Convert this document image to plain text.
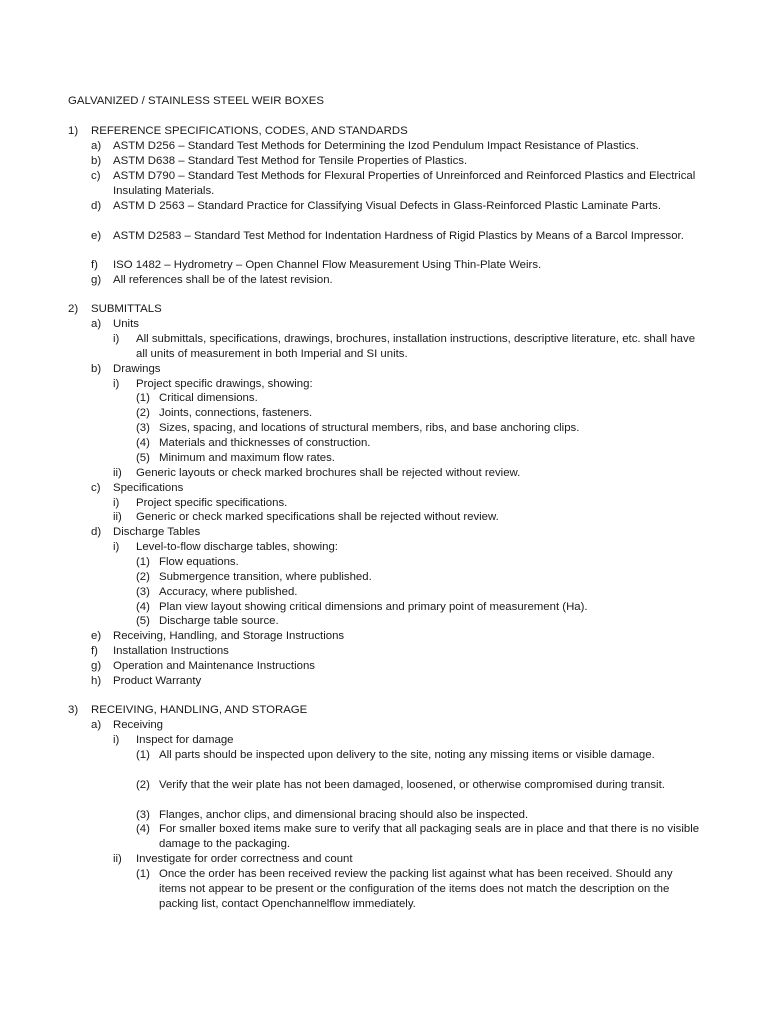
GALVANIZED / STAINLESS STEEL WEIR BOXES
1) REFERENCE SPECIFICATIONS, CODES, AND STANDARDS
a) ASTM D256 – Standard Test Methods for Determining the Izod Pendulum Impact Resistance of Plastics.
b) ASTM D638 – Standard Test Method for Tensile Properties of Plastics.
c) ASTM D790 – Standard Test Methods for Flexural Properties of Unreinforced and Reinforced Plastics and Electrical Insulating Materials.
d) ASTM D 2563 – Standard Practice for Classifying Visual Defects in Glass-Reinforced Plastic Laminate Parts.
e) ASTM D2583 – Standard Test Method for Indentation Hardness of Rigid Plastics by Means of a Barcol Impressor.
f) ISO 1482 – Hydrometry – Open Channel Flow Measurement Using Thin-Plate Weirs.
g) All references shall be of the latest revision.
2) SUBMITTALS
a) Units
i) All submittals, specifications, drawings, brochures, installation instructions, descriptive literature, etc. shall have all units of measurement in both Imperial and SI units.
b) Drawings
i) Project specific drawings, showing:
(1) Critical dimensions.
(2) Joints, connections, fasteners.
(3) Sizes, spacing, and locations of structural members, ribs, and base anchoring clips.
(4) Materials and thicknesses of construction.
(5) Minimum and maximum flow rates.
ii) Generic layouts or check marked brochures shall be rejected without review.
c) Specifications
i) Project specific specifications.
ii) Generic or check marked specifications shall be rejected without review.
d) Discharge Tables
i) Level-to-flow discharge tables, showing:
(1) Flow equations.
(2) Submergence transition, where published.
(3) Accuracy, where published.
(4) Plan view layout showing critical dimensions and primary point of measurement (Ha).
(5) Discharge table source.
e) Receiving, Handling, and Storage Instructions
f) Installation Instructions
g) Operation and Maintenance Instructions
h) Product Warranty
3) RECEIVING, HANDLING, AND STORAGE
a) Receiving
i) Inspect for damage
(1) All parts should be inspected upon delivery to the site, noting any missing items or visible damage.
(2) Verify that the weir plate has not been damaged, loosened, or otherwise compromised during transit.
(3) Flanges, anchor clips, and dimensional bracing should also be inspected.
(4) For smaller boxed items make sure to verify that all packaging seals are in place and that there is no visible damage to the packaging.
ii) Investigate for order correctness and count
(1) Once the order has been received review the packing list against what has been received. Should any items not appear to be present or the configuration of the items does not match the description on the packing list, contact Openchannelflow immediately.
